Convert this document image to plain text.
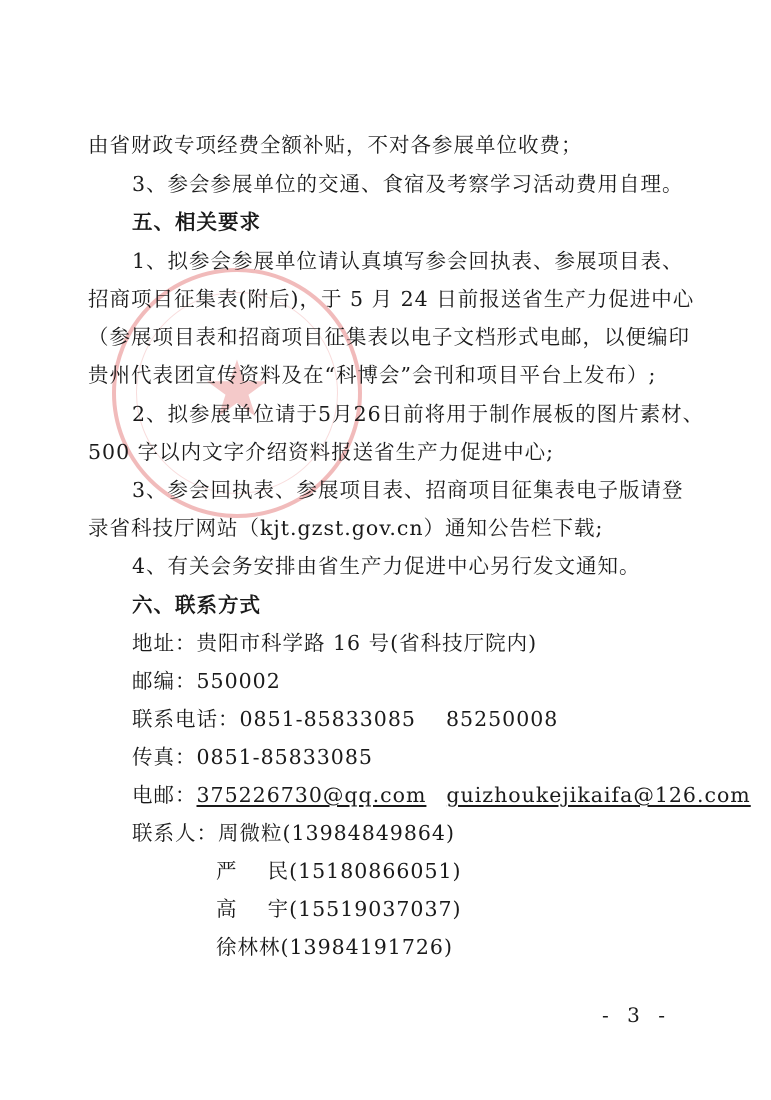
★
由省财政专项经费全额补贴，不对各参展单位收费；
3、参会参展单位的交通、食宿及考察学习活动费用自理。
五、相关要求
1、拟参会参展单位请认真填写参会回执表、参展项目表、
招商项目征集表(附后)，于 5 月 24 日前报送省生产力促进中心
（参展项目表和招商项目征集表以电子文档形式电邮，以便编印
贵州代表团宣传资料及在“科博会”会刊和项目平台上发布）;
2、拟参展单位请于5月26日前将用于制作展板的图片素材、
500 字以内文字介绍资料报送省生产力促进中心;
3、参会回执表、参展项目表、招商项目征集表电子版请登
录省科技厅网站（kjt.gzst.gov.cn）通知公告栏下载;
4、有关会务安排由省生产力促进中心另行发文通知。
六、联系方式
地址：贵阳市科学路 16 号(省科技厅院内)
邮编：550002
联系电话：0851-85833085    85250008
传真：0851-85833085
电邮：375226730@qq.com guizhoukejikaifa@126.com
联系人：周微粒(13984849864)
严    民(15180866051)
高    宇(15519037037)
徐林林(13984191726)
- 3 -
